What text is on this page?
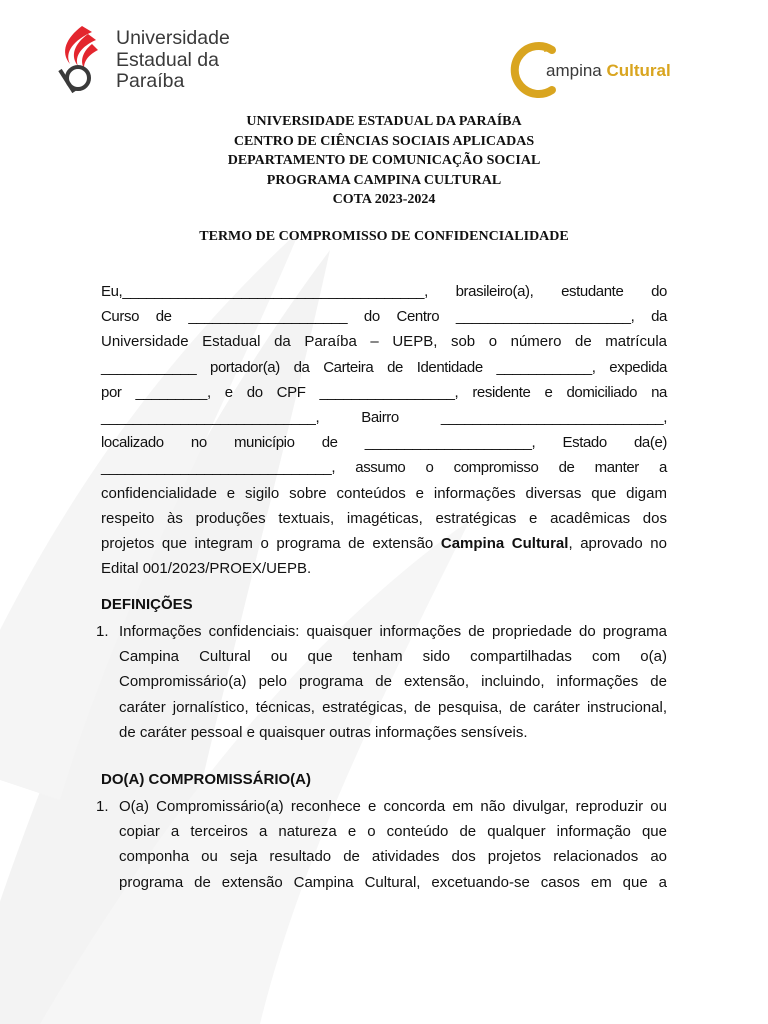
Universidade
Estadual da
Paraíba	ampina Cultural
UNIVERSIDADE ESTADUAL DA PARAÍBA
CENTRO DE CIÊNCIAS SOCIAIS APLICADAS
DEPARTAMENTO DE COMUNICAÇÃO SOCIAL
PROGRAMA CAMPINA CULTURAL
COTA 2023-2024
TERMO DE COMPROMISSO DE CONFIDENCIALIDADE
Eu,______________________________________, brasileiro(a), estudante do
Curso de ____________________ do Centro ______________________, da
Universidade Estadual da Paraíba – UEPB, sob o número de matrícula
____________ portador(a) da Carteira de Identidade ____________, expedida
por _________, e do CPF _________________, residente e domiciliado na
___________________________, Bairro ____________________________,
localizado no município de _____________________, Estado da(e)
_____________________________, assumo o compromisso de manter a
confidencialidade e sigilo sobre conteúdos e informações diversas que digam
respeito às produções textuais, imagéticas, estratégicas e acadêmicas dos
projetos que integram o programa de extensão Campina Cultural, aprovado no
Edital 001/2023/PROEX/UEPB.
DEFINIÇÕES
1. Informações confidenciais: quaisquer informações de propriedade do programa
Campina Cultural ou que tenham sido compartilhadas com o(a)
Compromissário(a) pelo programa de extensão, incluindo, informações de
caráter jornalístico, técnicas, estratégicas, de pesquisa, de caráter instrucional,
de caráter pessoal e quaisquer outras informações sensíveis.
DO(A) COMPROMISSÁRIO(A)
1. O(a) Compromissário(a) reconhece e concorda em não divulgar, reproduzir ou
copiar a terceiros a natureza e o conteúdo de qualquer informação que
componha ou seja resultado de atividades dos projetos relacionados ao
programa de extensão Campina Cultural, excetuando-se casos em que a
